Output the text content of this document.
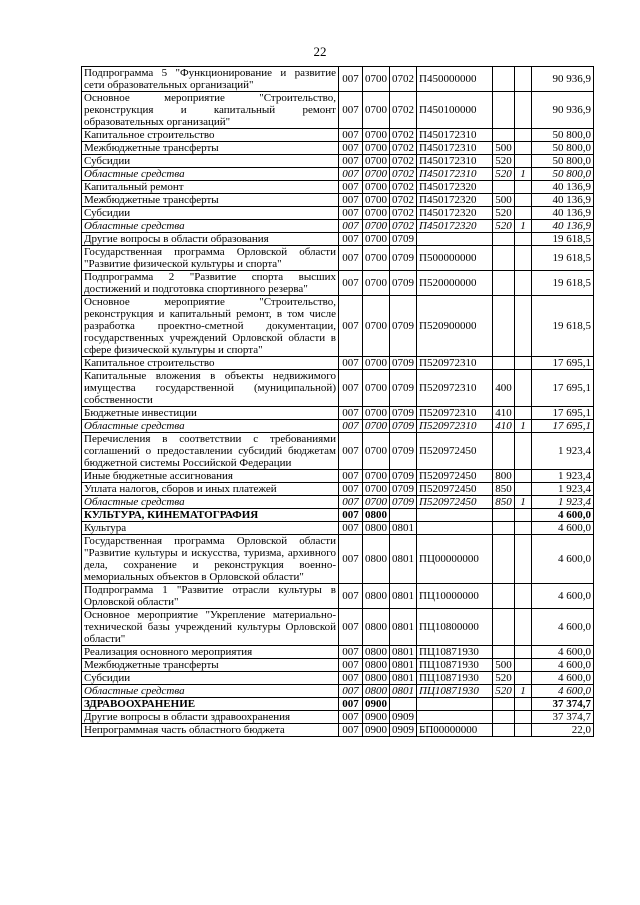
22
Подпрограмма 5 "Функционирование и развитие сети образовательных организаций"	007	0700	0702	П450000000			90 936,9
Основное мероприятие "Строительство, реконструкция и капитальный ремонт образовательных организаций"	007	0700	0702	П450100000			90 936,9
Капитальное строительство	007	0700	0702	П450172310			50 800,0
Межбюджетные трансферты	007	0700	0702	П450172310	500		50 800,0
Субсидии	007	0700	0702	П450172310	520		50 800,0
Областные средства	007	0700	0702	П450172310	520	1	50 800,0
Капитальный ремонт	007	0700	0702	П450172320			40 136,9
Межбюджетные трансферты	007	0700	0702	П450172320	500		40 136,9
Субсидии	007	0700	0702	П450172320	520		40 136,9
Областные средства	007	0700	0702	П450172320	520	1	40 136,9
Другие вопросы в области образования	007	0700	0709				19 618,5
Государственная программа Орловской области "Развитие физической культуры и спорта"	007	0700	0709	П500000000			19 618,5
Подпрограмма 2 "Развитие спорта высших достижений и подготовка спортивного резерва"	007	0700	0709	П520000000			19 618,5
Основное мероприятие "Строительство, реконструкция и капитальный ремонт, в том числе разработка проектно-сметной документации, государственных учреждений Орловской области в сфере физической культуры и спорта"	007	0700	0709	П520900000			19 618,5
Капитальное строительство	007	0700	0709	П520972310			17 695,1
Капитальные вложения в объекты недвижимого имущества государственной (муниципальной) собственности	007	0700	0709	П520972310	400		17 695,1
Бюджетные инвестиции	007	0700	0709	П520972310	410		17 695,1
Областные средства	007	0700	0709	П520972310	410	1	17 695,1
Перечисления в соответствии с требованиями соглашений о предоставлении субсидий бюджетам бюджетной системы Российской Федерации	007	0700	0709	П520972450			1 923,4
Иные бюджетные ассигнования	007	0700	0709	П520972450	800		1 923,4
Уплата налогов, сборов и иных платежей	007	0700	0709	П520972450	850		1 923,4
Областные средства	007	0700	0709	П520972450	850	1	1 923,4
КУЛЬТУРА, КИНЕМАТОГРАФИЯ	007	0800					4 600,0
Культура	007	0800	0801				4 600,0
Государственная программа Орловской области "Развитие культуры и искусства, туризма, архивного дела, сохранение и реконструкция военно-мемориальных объектов в Орловской области"	007	0800	0801	ПЦ00000000			4 600,0
Подпрограмма 1 "Развитие отрасли культуры в Орловской области"	007	0800	0801	ПЦ10000000			4 600,0
Основное мероприятие "Укрепление материально-технической базы учреждений культуры Орловской области"	007	0800	0801	ПЦ10800000			4 600,0
Реализация основного мероприятия	007	0800	0801	ПЦ10871930			4 600,0
Межбюджетные трансферты	007	0800	0801	ПЦ10871930	500		4 600,0
Субсидии	007	0800	0801	ПЦ10871930	520		4 600,0
Областные средства	007	0800	0801	ПЦ10871930	520	1	4 600,0
ЗДРАВООХРАНЕНИЕ	007	0900					37 374,7
Другие вопросы в области здравоохранения	007	0900	0909				37 374,7
Непрограммная часть областного бюджета	007	0900	0909	БП00000000			22,0
